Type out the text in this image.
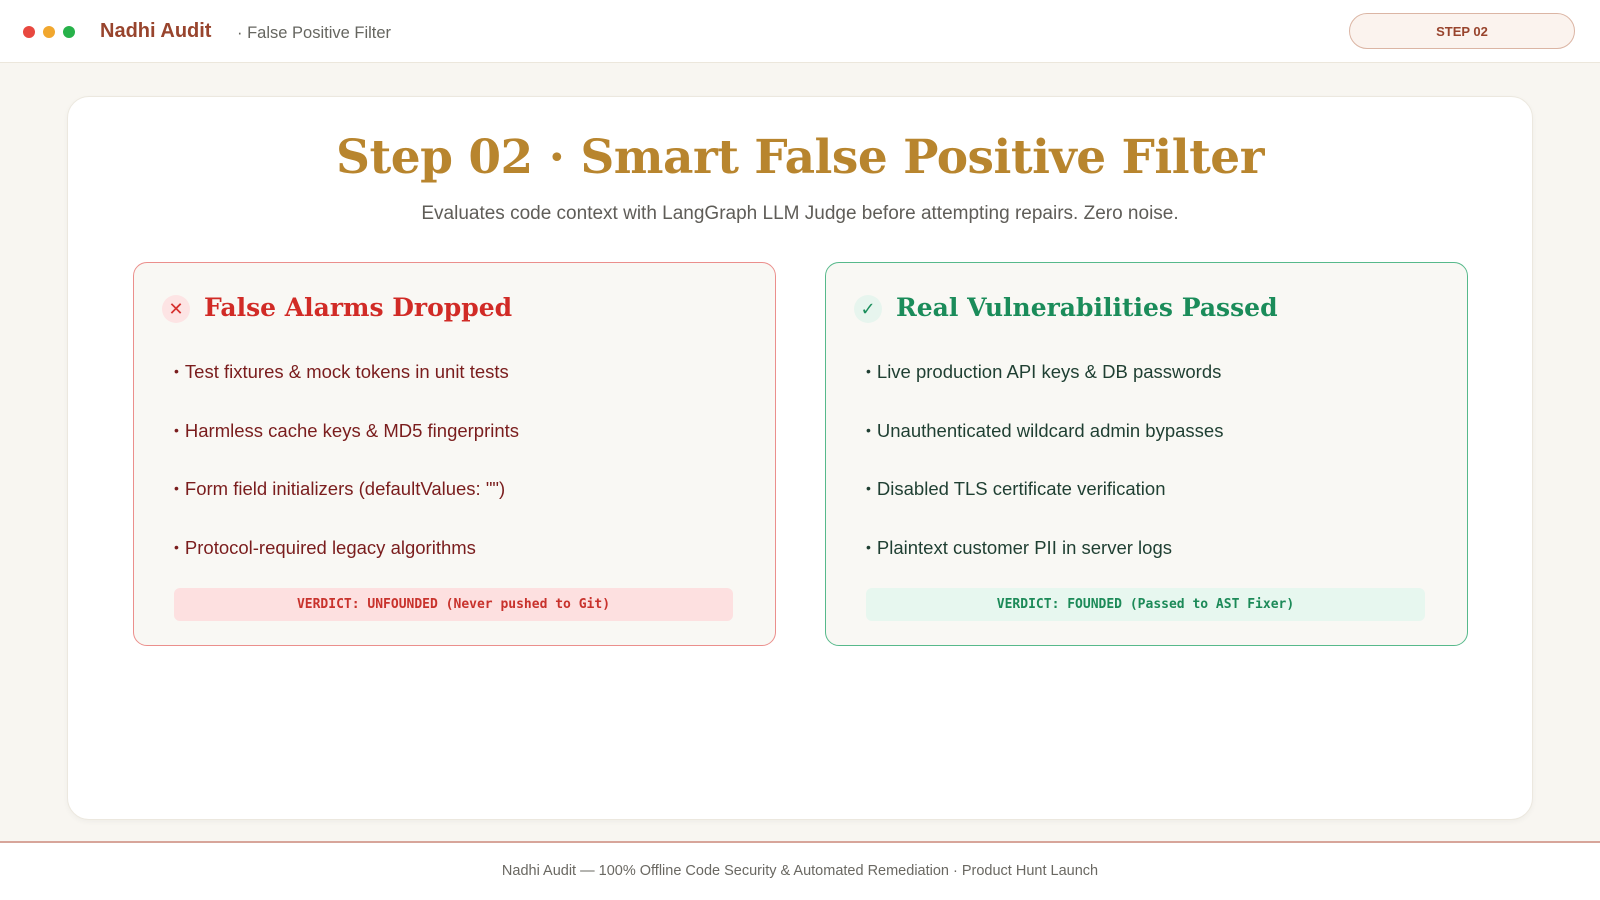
Nadhi Audit · False Positive Filter	STEP 02
Step 02 · Smart False Positive Filter

Evaluates code context with LangGraph LLM Judge before attempting repairs. Zero noise.

✕ False Alarms Dropped
• Test fixtures & mock tokens in unit tests
• Harmless cache keys & MD5 fingerprints
• Form field initializers (defaultValues: "")
• Protocol-required legacy algorithms
VERDICT: UNFOUNDED (Never pushed to Git)
✓ Real Vulnerabilities Passed
• Live production API keys & DB passwords
• Unauthenticated wildcard admin bypasses
• Disabled TLS certificate verification
• Plaintext customer PII in server logs
VERDICT: FOUNDED (Passed to AST Fixer)
Nadhi Audit — 100% Offline Code Security & Automated Remediation · Product Hunt Launch
